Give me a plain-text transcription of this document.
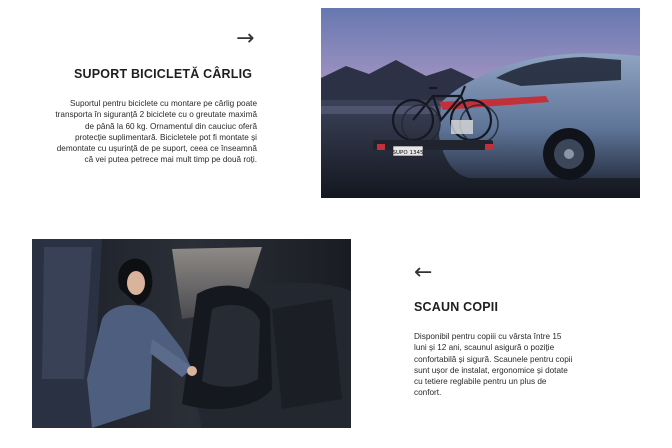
→
SUPORT BICICLETĂ CÂRLIG
Suportul pentru biciclete cu montare pe cârlig poate transporta în siguranță 2 biciclete cu o greutate maximă de până la 60 kg. Ornamentul din cauciuc oferă protecție suplimentară. Bicicletele pot fi montate și demontate cu ușurință de pe suport, ceea ce înseamnă că vei putea petrece mai mult timp pe două roți.
SUPO 1345
←
SCAUN COPII
Disponibil pentru copiii cu vârsta între 15 luni și 12 ani, scaunul asigură o poziție confortabilă și sigură. Scaunele pentru copii sunt ușor de instalat, ergonomice și dotate cu tetiere reglabile pentru un plus de confort.
